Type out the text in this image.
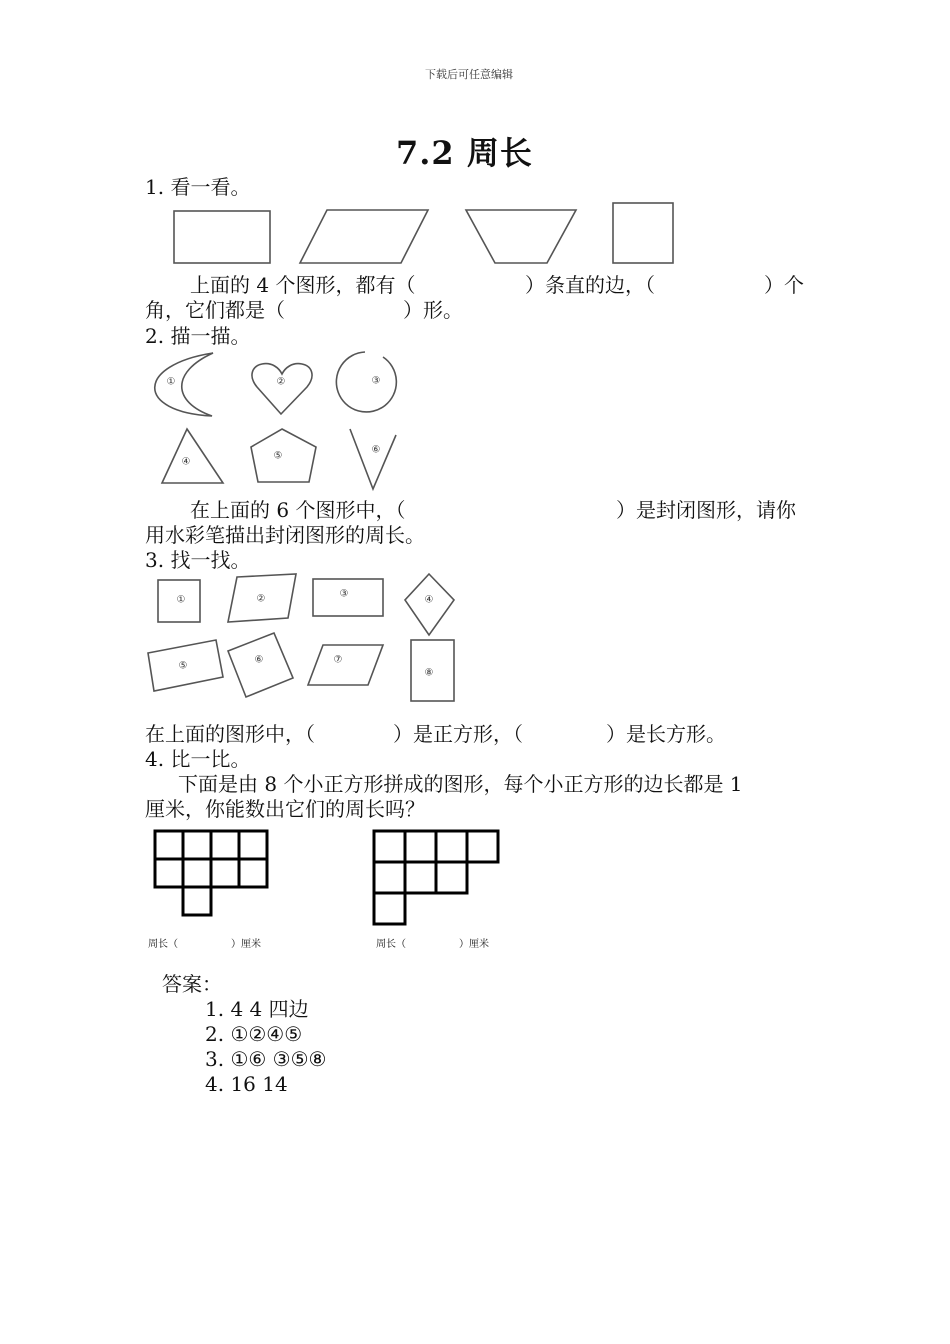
下载后可任意编辑
7.2 周长
1. 看一看。
上面的 4 个图形，都有（	）条直的边，（	）个
角，它们都是（	）形。
2. 描一描。
①	②	③
④
⑤
⑥
在上面的 6 个图形中，（	）是封闭图形，请你
用水彩笔描出封闭图形的周长。
3. 找一找。
①	②	③
④
⑤
⑥	⑦
⑧
在上面的图形中，（	）是正方形，（	）是长方形。
4. 比一比。
下面是由 8 个小正方形拼成的图形，每个小正方形的边长都是 1
厘米，你能数出它们的周长吗？
周长（	）厘米	周长（	）厘米
答案：
1. 4 4 四边
2. ①②④⑤
3. ①⑥ ③⑤⑧
4. 16 14
